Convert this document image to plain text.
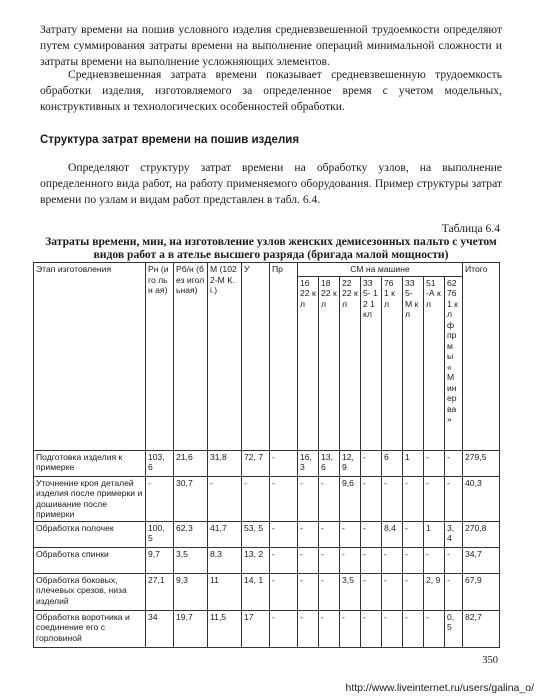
Затрату времени на пошив условного изделия средневзвешенной трудоемкости определяют путем суммирования затраты времени на выполнение операций минимальной сложности и затраты времени на выполнение усложняющих элементов.

Средневзвешенная затрата времени показывает средневзвешенную трудоемкость обработки изделия, изготовляемого за определенное время с учетом модельных, конструктивных и технологических особенностей обработки.

Структура затрат времени на пошив изделия

Определяют структуру затрат времени на обработку узлов, на выполнение определенного вида работ, на работу применяемого оборудования. Пример структуры затрат времени по узлам и видам работ представлен в табл. 6.4.

Таблица 6.4

Затраты времени, мин, на изготовление узлов женских демисезонных пальто с учетом видов работ а в ателье высшего разряда (бригада малой мощности)

Этап изготовления	Рн (иго льн ая)	Рб/н (без игол ьная)	М (102 2-М К.і.)	У	Пр	СМ на машине								Итого
						16 22 кл	18 22 кл	22 22 кл	33 5- 12 1 кл	76 1 кл	33 5- М кл	51 -А кл	62 76 1 кл ф пр м ы « М ин ер ва »	
Подготовка изделия к примерке	103, 6	21,6	31,8	72, 7	-	16, 3	13, 6	12, 9	-	6	1	-	-	279,5
Уточнение кроя деталей изделия после примерки и дошивание после примерки	-	30,7	-	-	-	-	-	9,6	-	-	-	-	-	40,3
Обработка полочек	100, 5	62,3	41,7	53, 5	-	-	-	-	-	8,4	-	1	3, 4	270,8
Обработка спинки	9,7	3,5	8,3	13, 2	-	-	-	-	-	-	-	-	-	34,7
Обработка боковых, плечевых срезов, низа изделий	27,1	9,3	11	14, 1	-	-	-	3,5	-	-	-	2, 9	-	67,9
Обработка воротника и соединение его с горловиной	34	19,7	11,5	17	-	-	-	-	-	-	-	-	0, 5	82,7

350

http://www.liveinternet.ru/users/galina_o/
